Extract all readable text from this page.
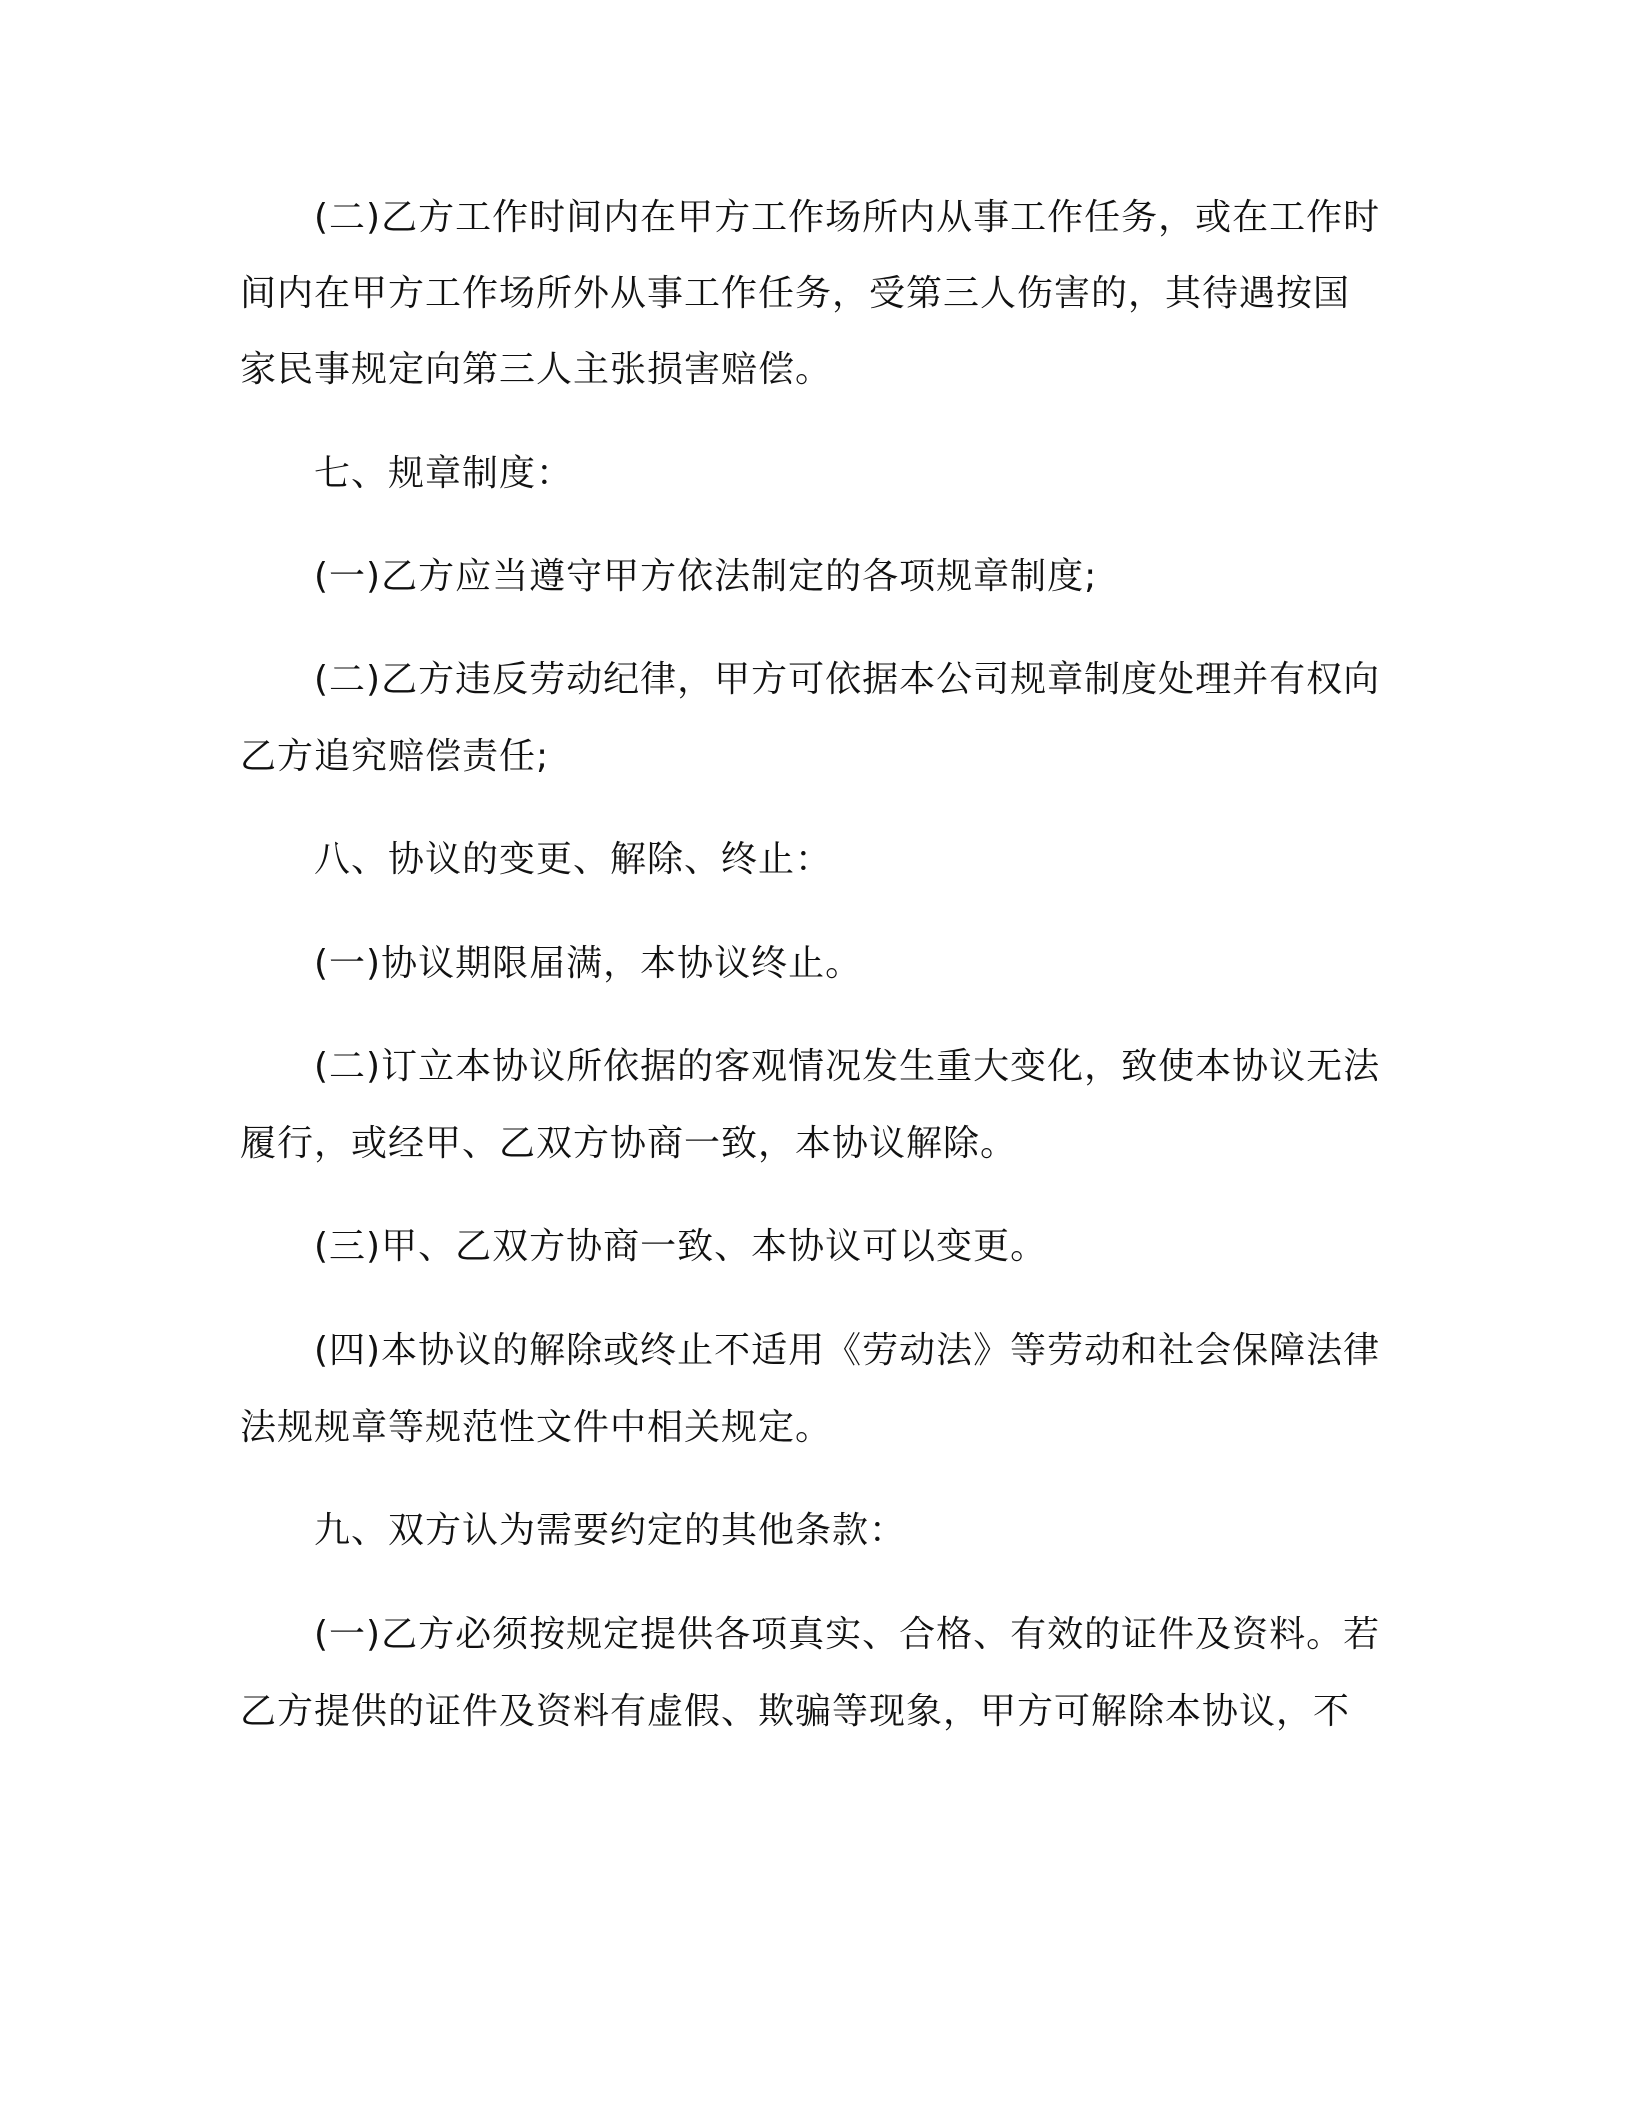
(二)乙方工作时间内在甲方工作场所内从事工作任务，或在工作时
间内在甲方工作场所外从事工作任务，受第三人伤害的，其待遇按国
家民事规定向第三人主张损害赔偿。
七、规章制度：
(一)乙方应当遵守甲方依法制定的各项规章制度;
(二)乙方违反劳动纪律，甲方可依据本公司规章制度处理并有权向
乙方追究赔偿责任;
八、协议的变更、解除、终止：
(一)协议期限届满，本协议终止。
(二)订立本协议所依据的客观情况发生重大变化，致使本协议无法
履行，或经甲、乙双方协商一致，本协议解除。
(三)甲、乙双方协商一致、本协议可以变更。
(四)本协议的解除或终止不适用《劳动法》等劳动和社会保障法律
法规规章等规范性文件中相关规定。
九、双方认为需要约定的其他条款：
(一)乙方必须按规定提供各项真实、合格、有效的证件及资料。若
乙方提供的证件及资料有虚假、欺骗等现象，甲方可解除本协议，不
